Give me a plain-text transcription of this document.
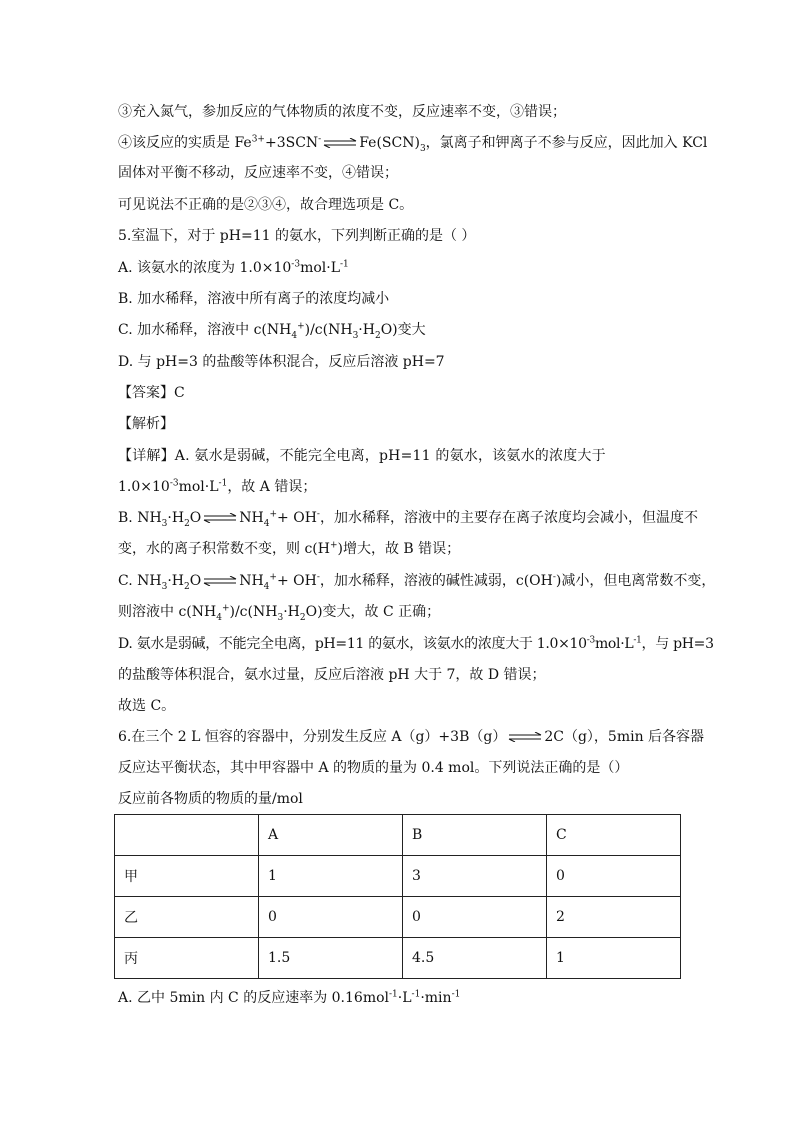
③充入氮气，参加反应的气体物质的浓度不变，反应速率不变，③错误；
④该反应的实质是 $Fe^{3+}+3SCN^-\rightleftharpoons Fe(SCN)_3$，氯离子和钾离子不参与反应，因此加入 KCl
固体对平衡不移动，反应速率不变，④错误；
可见说法不正确的是②③④，故合理选项是 C。
5.室温下，对于 pH=11 的氨水，下列判断正确的是（ ）
A. 该氨水的浓度为 $1.0\times 10^{-3}mol\cdot L^{-1}$
B. 加水稀释，溶液中所有离子的浓度均减小
C. 加水稀释，溶液中 $c(NH_4^+)/c(NH_3\cdot H_2O)$变大
D. 与 pH=3 的盐酸等体积混合，反应后溶液 pH=7
【答案】C
【解析】
【详解】A. 氨水是弱碱，不能完全电离，pH=11 的氨水，该氨水的浓度大于
$1.0\times 10^{-3}mol\cdot L^{-1}$，故 A 错误；
B. $NH_3\cdot H_2O\rightleftharpoons NH_4^++ OH^-$，加水稀释，溶液中的主要存在离子浓度均会减小，但温度不
变，水的离子积常数不变，则 c(H+)增大，故 B 错误；
C. $NH_3\cdot H_2O\rightleftharpoons NH_4^++ OH^-$，加水稀释，溶液的碱性减弱，c(OH-)减小，但电离常数不变，
则溶液中 $c(NH_4^+)/c(NH_3\cdot H_2O)$变大，故 C 正确；
D. 氨水是弱碱，不能完全电离，pH=11 的氨水，该氨水的浓度大于 $1.0\times 10^{-3}mol\cdot L^{-1}$，与 pH=3
的盐酸等体积混合，氨水过量，反应后溶液 pH 大于 7，故 D 错误；
故选 C。
6.在三个 2 L 恒容的容器中，分别发生反应 A（g）+3B（g）⇌2C（g），5min 后各容器
反应达平衡状态，其中甲容器中 A 的物质的量为 0.4 mol。下列说法正确的是（）
反应前各物质的物质的量/mol
	A	B	C
甲	1	3	0
乙	0	0	2
丙	1.5	4.5	1
A. 乙中 5min 内 C 的反应速率为 $0.16mol^{-1}\cdot L^{-1}\cdot\min^{-1}$
